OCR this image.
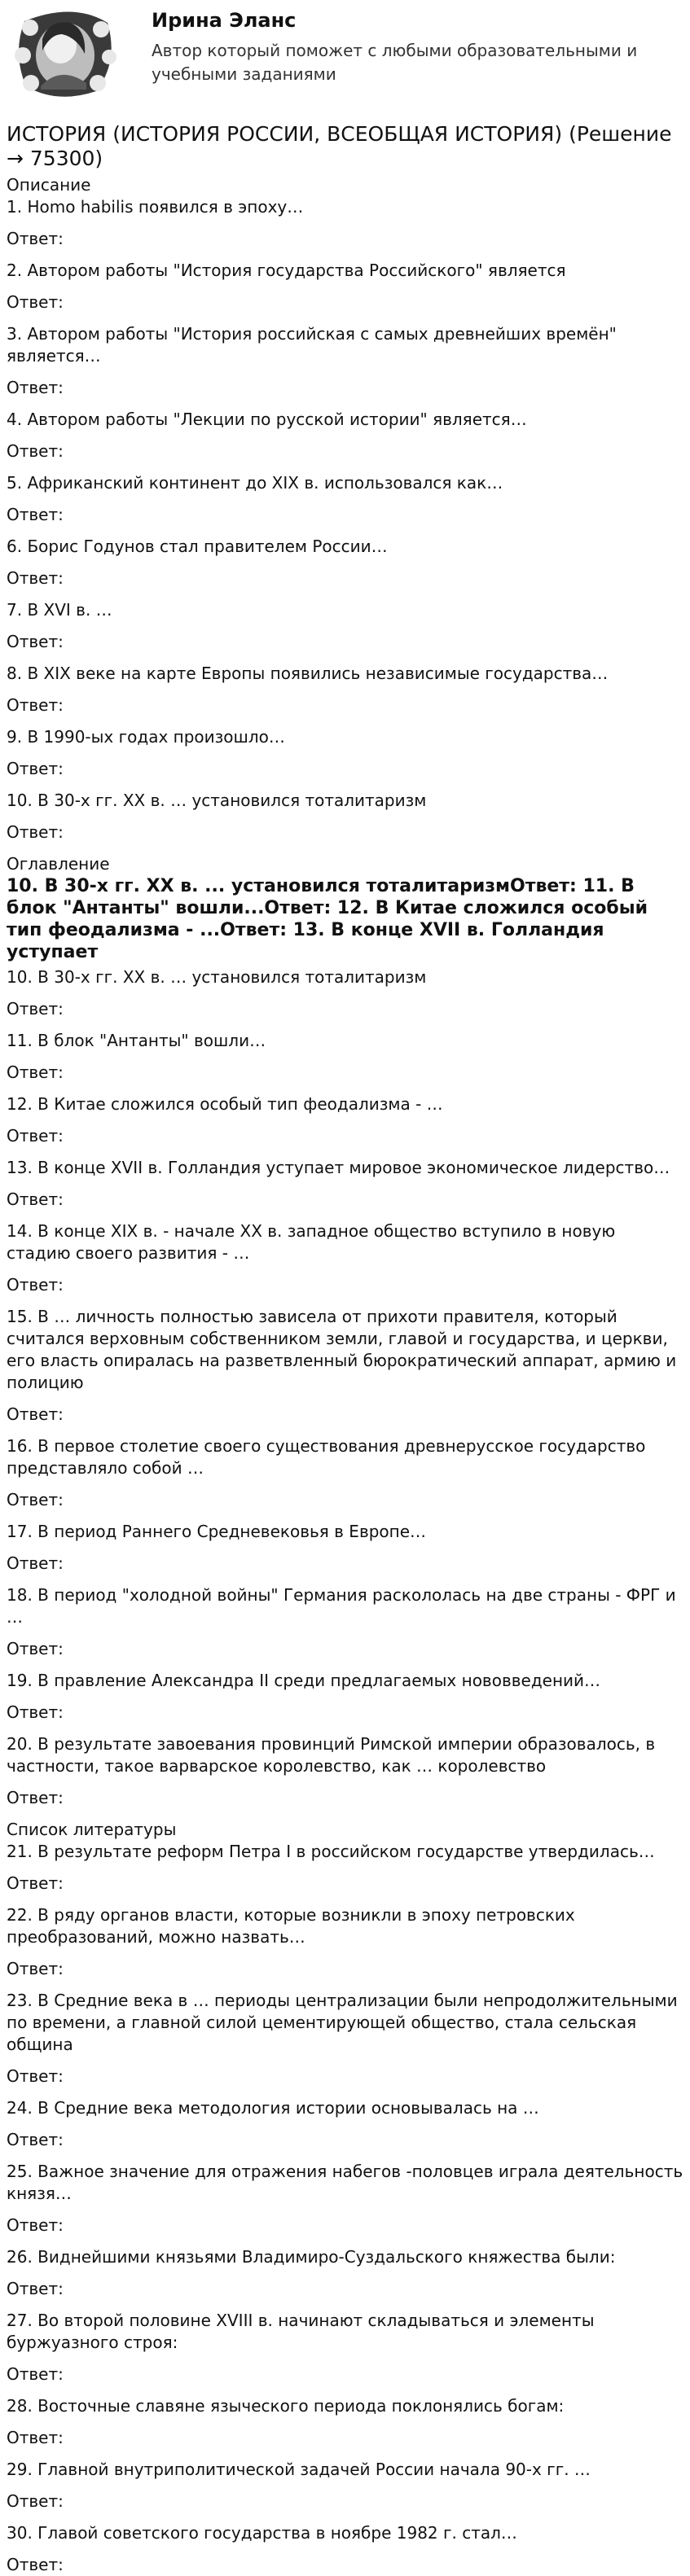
Ирина Эланс
Автор который поможет с любыми образовательными и учебными заданиями
ИСТОРИЯ (ИСТОРИЯ РОССИИ, ВСЕОБЩАЯ ИСТОРИЯ) (Решение → 75300)
Описание
1. Homo habilis появился в эпоху…
Ответ:
2. Автором работы "История государства Российского" является
Ответ:
3. Автором работы "История российская с самых древнейших времён" является…
Ответ:
4. Автором работы "Лекции по русской истории" является…
Ответ:
5. Африканский континент до XIX в. использовался как…
Ответ:
6. Борис Годунов стал правителем России…
Ответ:
7. В XVI в. …
Ответ:
8. В XIX веке на карте Европы появились независимые государства…
Ответ:
9. В 1990-ых годах произошло…
Ответ:
10. В 30-х гг. XX в. … установился тоталитаризм
Ответ:
Оглавление
10. В 30-х гг. XX в. ... установился тоталитаризмОтвет: 11. В блок "Антанты" вошли...Ответ: 12. В Китае сложился особый тип феодализма - ...Ответ: 13. В конце XVII в. Голландия уступает
10. В 30-х гг. XX в. … установился тоталитаризм
Ответ:
11. В блок "Антанты" вошли…
Ответ:
12. В Китае сложился особый тип феодализма - …
Ответ:
13. В конце XVII в. Голландия уступает мировое экономическое лидерство…
Ответ:
14. В конце XIX в. - начале XX в. западное общество вступило в новую стадию своего развития - …
Ответ:
15. В … личность полностью зависела от прихоти правителя, который считался верховным собственником земли, главой и государства, и церкви, его власть опиралась на разветвленный бюрократический аппарат, армию и полицию
Ответ:
16. В первое столетие своего существования древнерусское государство представляло собой …
Ответ:
17. В период Раннего Средневековья в Европе…
Ответ:
18. В период "холодной войны" Германия раскололась на две страны - ФРГ и …
Ответ:
19. В правление Александра II среди предлагаемых нововведений…
Ответ:
20. В результате завоевания провинций Римской империи образовалось, в частности, такое варварское королевство, как … королевство
Ответ:
Список литературы
21. В результате реформ Петра I в российском государстве утвердилась…
Ответ:
22. В ряду органов власти, которые возникли в эпоху петровских преобразований, можно назвать…
Ответ:
23. В Средние века в … периоды централизации были непродолжительными по времени, а главной силой цементирующей общество, стала сельская община
Ответ:
24. В Средние века методология истории основывалась на …
Ответ:
25. Важное значение для отражения набегов -половцев играла деятельность князя…
Ответ:
26. Виднейшими князьями Владимиро-Суздальского княжества были:
Ответ:
27. Во второй половине XVIII в. начинают складываться и элементы буржуазного строя:
Ответ:
28. Восточные славяне языческого периода поклонялись богам:
Ответ:
29. Главной внутриполитической задачей России начала 90-х гг. …
Ответ:
30. Главой советского государства в ноябре 1982 г. стал…
Ответ:
